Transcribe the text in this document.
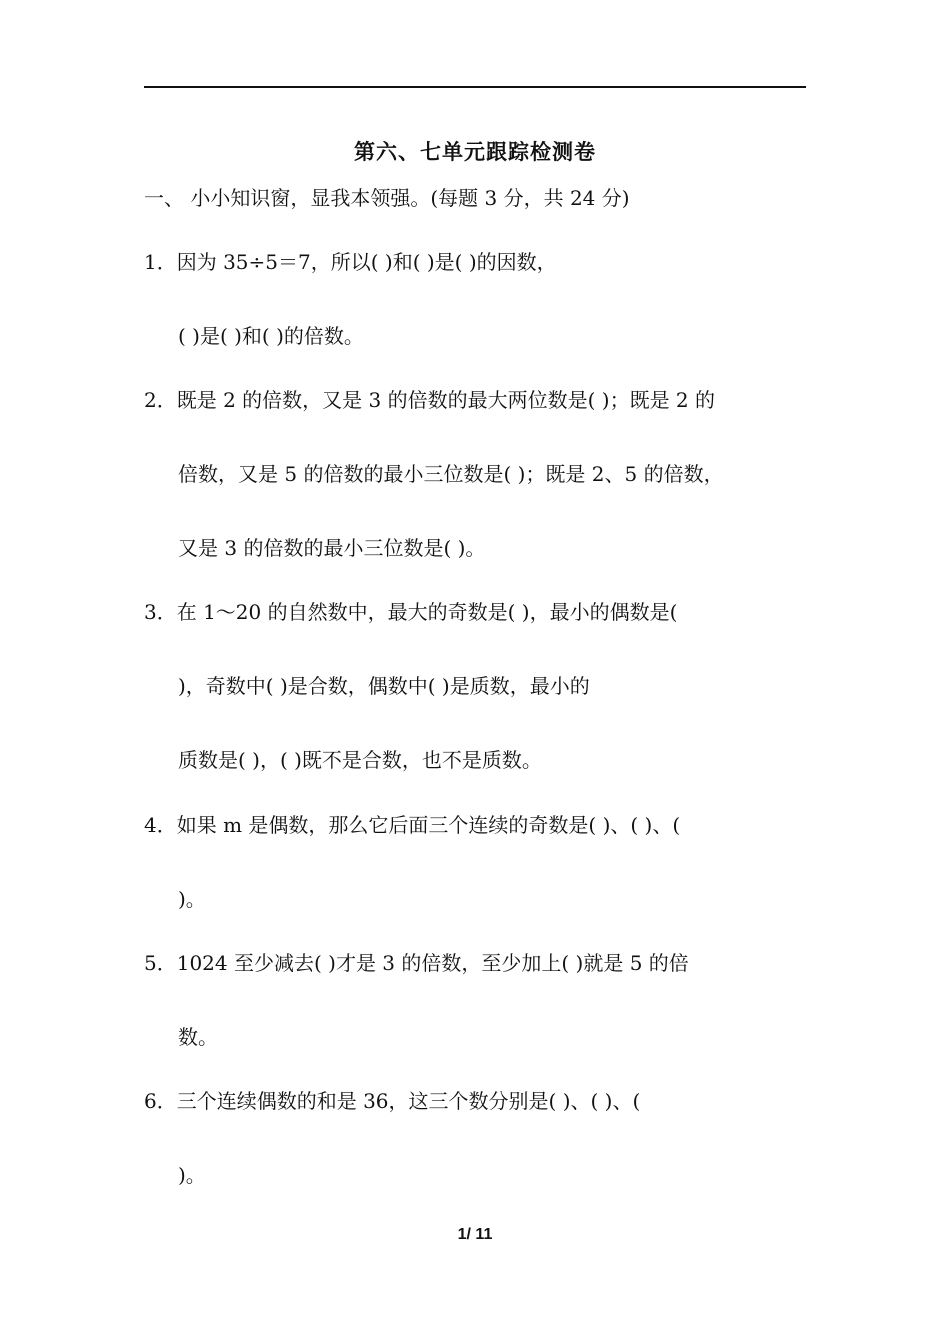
第六、七单元跟踪检测卷
一、 小小知识窗，显我本领强。(每题 3 分，共 24 分)
1．因为 35÷5＝7，所以( )和( )是( )的因数，
( )是( )和( )的倍数。
2．既是 2 的倍数，又是 3 的倍数的最大两位数是( )；既是 2 的
倍数，又是 5 的倍数的最小三位数是( )；既是 2、5 的倍数，
又是 3 的倍数的最小三位数是( )。
3．在 1～20 的自然数中，最大的奇数是( )，最小的偶数是(
)，奇数中( )是合数，偶数中( )是质数，最小的
质数是( )，( )既不是合数，也不是质数。
4．如果 m 是偶数，那么它后面三个连续的奇数是( )、( )、(
)。
5．1024 至少减去( )才是 3 的倍数，至少加上( )就是 5 的倍
数。
6．三个连续偶数的和是 36，这三个数分别是( )、( )、(
)。
1/ 11
